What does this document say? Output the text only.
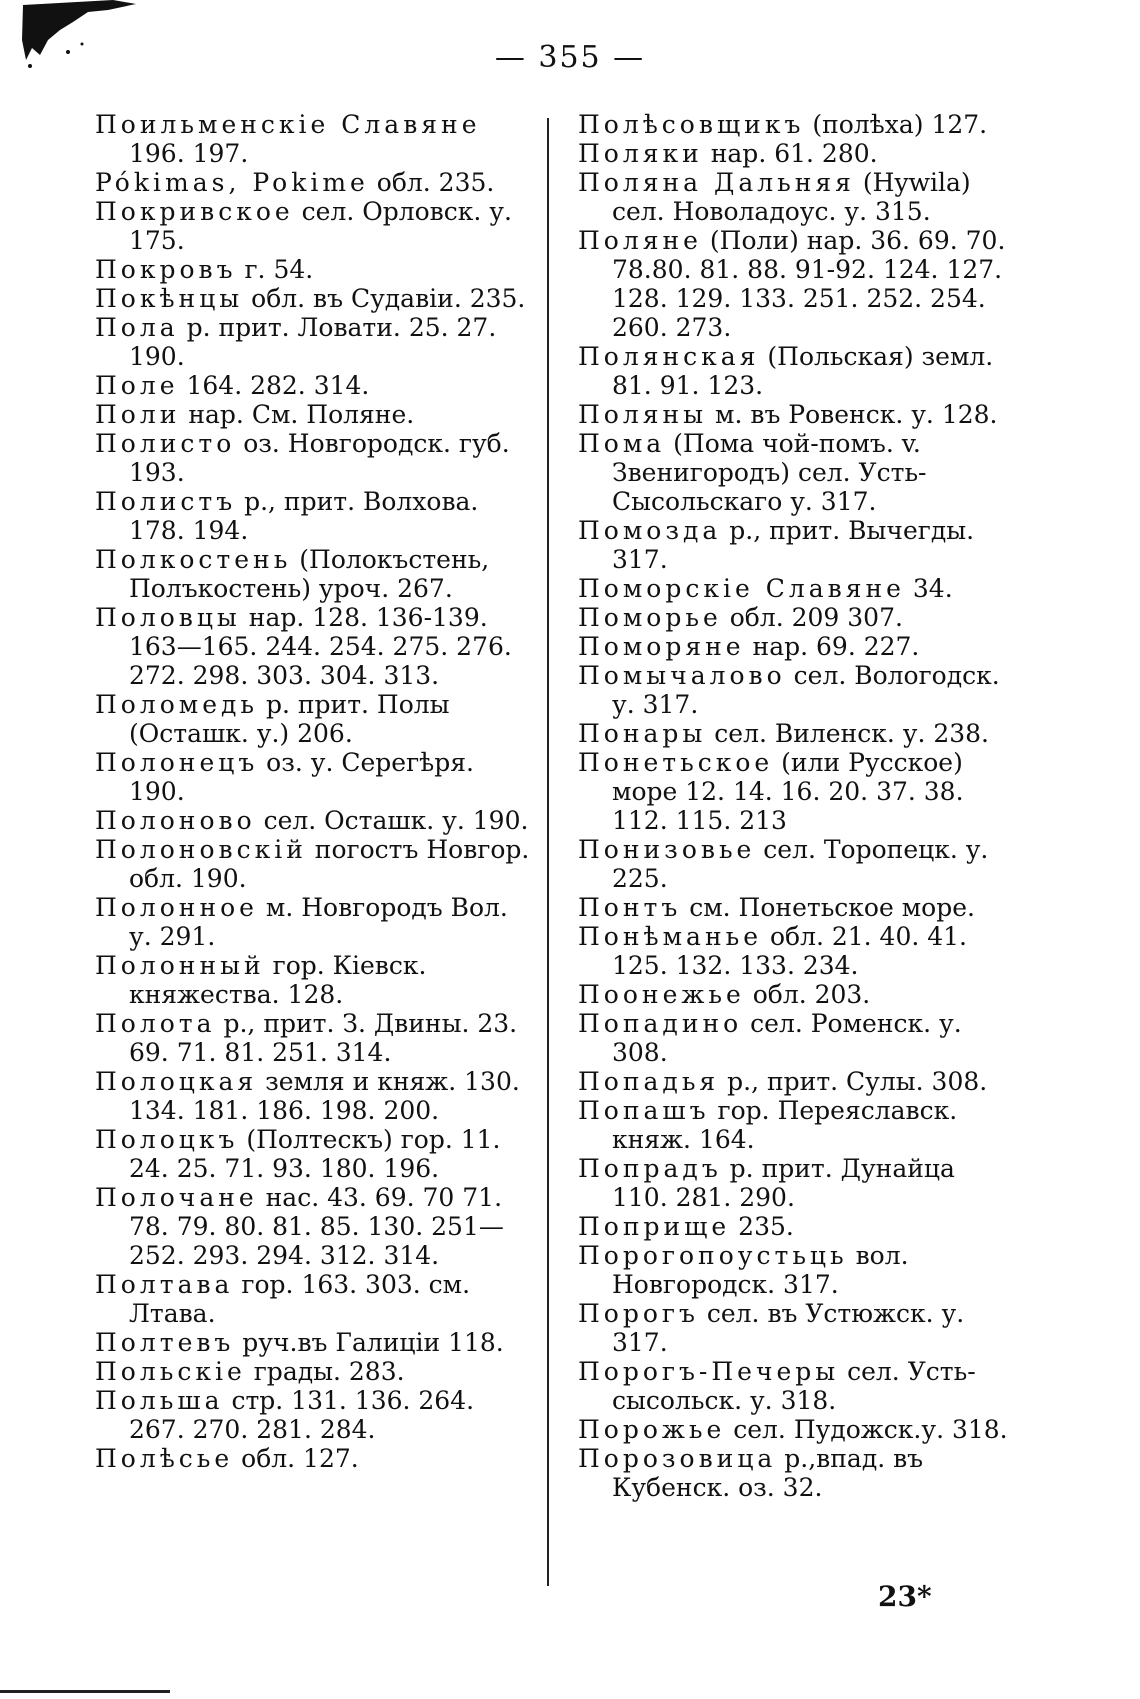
— 355 —
Поильменскіе Славяне 196. 197.
Pókimas, Pokime обл. 235.
Покривское сел. Орловск. у. 175.
Покровъ г. 54.
Покѣнцы обл. въ Судавіи. 235.
Пола р. прит. Ловати. 25. 27. 190.
Поле 164. 282. 314.
Поли нар. См. Поляне.
Полисто оз. Новгородск. губ. 193.
Полистъ р., прит. Волхова. 178. 194.
Полкостень (Полокъстень, Полъкостень) уроч. 267.
Половцы нар. 128. 136-139. 163—165. 244. 254. 275. 276. 272. 298. 303. 304. 313.
Поломедь р. прит. Полы (Осташк. у.) 206.
Полонецъ оз. у. Серегѣря. 190.
Полоново сел. Осташк. у. 190.
Полоновскій погостъ Новгор. обл. 190.
Полонное м. Новгородъ Вол. у. 291.
Полонный гор. Кіевск. княжества. 128.
Полота р., прит. З. Двины. 23. 69. 71. 81. 251. 314.
Полоцкая земля и княж. 130. 134. 181. 186. 198. 200.
Полоцкъ (Полтескъ) гор. 11. 24. 25. 71. 93. 180. 196.
Полочане нас. 43. 69. 70 71. 78. 79. 80. 81. 85. 130. 251—252. 293. 294. 312. 314.
Полтава гор. 163. 303. см. Лтава.
Полтевъ руч.въ Галиціи 118.
Польскіе грады. 283.
Польша стр. 131. 136. 264. 267. 270. 281. 284.
Полѣсье обл. 127.
Полѣсовщикъ (полѣха) 127.
Поляки нар. 61. 280.
Поляна Дальняя (Hywila) сел. Новоладоус. у. 315.
Поляне (Поли) нар. 36. 69. 70. 78.80. 81. 88. 91-92. 124. 127. 128. 129. 133. 251. 252. 254. 260. 273.
Полянская (Польская) земл. 81. 91. 123.
Поляны м. въ Ровенск. у. 128.
Пома (Пома чой-помъ. v. Звенигородъ) сел. Усть-Сысольскаго у. 317.
Помозда р., прит. Вычегды. 317.
Поморскіе Славяне 34.
Поморье обл. 209 307.
Поморяне нар. 69. 227.
Помычалово сел. Вологодск. у. 317.
Понары сел. Виленск. у. 238.
Понетьское (или Русское) море 12. 14. 16. 20. 37. 38. 112. 115. 213
Понизовье сел. Торопецк. у. 225.
Понтъ см. Понетьское море.
Понѣманье обл. 21. 40. 41. 125. 132. 133. 234.
Поонежье обл. 203.
Попадино сел. Роменск. у. 308.
Попадья р., прит. Сулы. 308.
Попашъ гор. Переяславск. княж. 164.
Попрадъ р. прит. Дунайца 110. 281. 290.
Поприще 235.
Порогопоустьць вол. Новгородск. 317.
Порогъ сел. въ Устюжск. у. 317.
Порогъ-Печеры сел. Усть-сысольск. у. 318.
Порожье сел. Пудожск.у. 318.
Порозовица р.,впад. въ Кубенск. оз. 32.
23*
